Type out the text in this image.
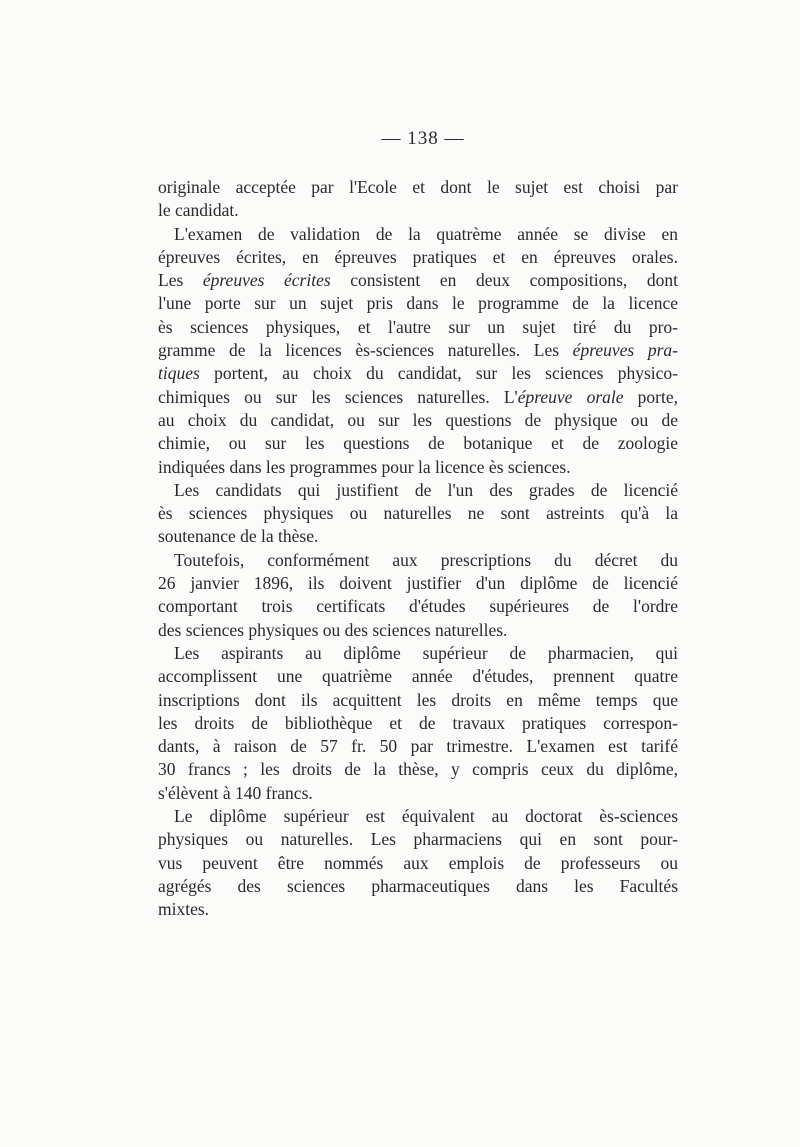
— 138 —

originale acceptée par l'Ecole et dont le sujet est choisi par
le candidat.

L'examen de validation de la quatrème année se divise en
épreuves écrites, en épreuves pratiques et en épreuves orales.
Les épreuves écrites consistent en deux compositions, dont
l'une porte sur un sujet pris dans le programme de la licence
ès sciences physiques, et l'autre sur un sujet tiré du pro-
gramme de la licences ès-sciences naturelles. Les épreuves pra-
tiques portent, au choix du candidat, sur les sciences physico-
chimiques ou sur les sciences naturelles. L'épreuve orale porte,
au choix du candidat, ou sur les questions de physique ou de
chimie, ou sur les questions de botanique et de zoologie
indiquées dans les programmes pour la licence ès sciences.

Les candidats qui justifient de l'un des grades de licencié
ès sciences physiques ou naturelles ne sont astreints qu'à la
soutenance de la thèse.

Toutefois, conformément aux prescriptions du décret du
26 janvier 1896, ils doivent justifier d'un diplôme de licencié
comportant trois certificats d'études supérieures de l'ordre
des sciences physiques ou des sciences naturelles.

Les aspirants au diplôme supérieur de pharmacien, qui
accomplissent une quatrième année d'études, prennent quatre
inscriptions dont ils acquittent les droits en même temps que
les droits de bibliothèque et de travaux pratiques correspon-
dants, à raison de 57 fr. 50 par trimestre. L'examen est tarifé
30 francs ; les droits de la thèse, y compris ceux du diplôme,
s'élèvent à 140 francs.

Le diplôme supérieur est équivalent au doctorat ès-sciences
physiques ou naturelles. Les pharmaciens qui en sont pour-
vus peuvent être nommés aux emplois de professeurs ou
agrégés des sciences pharmaceutiques dans les Facultés
mixtes.
